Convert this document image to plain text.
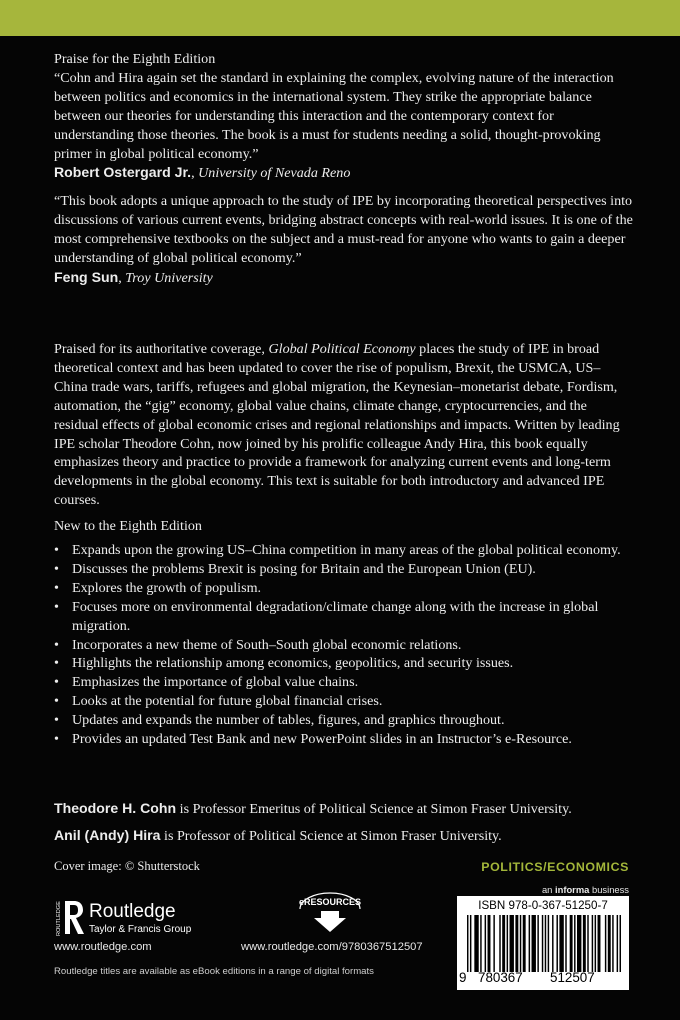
Praise for the Eighth Edition

“Cohn and Hira again set the standard in explaining the complex, evolving nature of the interaction between politics and economics in the international system. They strike the appropriate balance between our theories for understanding this interaction and the contemporary context for understanding those theories. The book is a must for students needing a solid, thought-provoking primer in global political economy.”

Robert Ostergard Jr., University of Nevada Reno

“This book adopts a unique approach to the study of IPE by incorporating theoretical perspectives into discussions of various current events, bridging abstract concepts with real-world issues. It is one of the most comprehensive textbooks on the subject and a must-read for anyone who wants to gain a deeper understanding of global political economy.”

Feng Sun, Troy University

Praised for its authoritative coverage, Global Political Economy places the study of IPE in broad theoretical context and has been updated to cover the rise of populism, Brexit, the USMCA, US–China trade wars, tariffs, refugees and global migration, the Keynesian–monetarist debate, Fordism, automation, the “gig” economy, global value chains, climate change, cryptocurrencies, and the residual effects of global economic crises and regional relationships and impacts. Written by leading IPE scholar Theodore Cohn, now joined by his prolific colleague Andy Hira, this book equally emphasizes theory and practice to provide a framework for analyzing current events and long-term developments in the global economy. This text is suitable for both introductory and advanced IPE courses.

New to the Eighth Edition
• Expands upon the growing US–China competition in many areas of the global political economy.
• Discusses the problems Brexit is posing for Britain and the European Union (EU).
• Explores the growth of populism.
• Focuses more on environmental degradation/climate change along with the increase in global migration.
• Incorporates a new theme of South–South global economic relations.
• Highlights the relationship among economics, geopolitics, and security issues.
• Emphasizes the importance of global value chains.
• Looks at the potential for future global financial crises.
• Updates and expands the number of tables, figures, and graphics throughout.
• Provides an updated Test Bank and new PowerPoint slides in an Instructor’s e-Resource.

Theodore H. Cohn is Professor Emeritus of Political Science at Simon Fraser University.

Anil (Andy) Hira is Professor of Political Science at Simon Fraser University.

Cover image: © Shutterstock	POLITICS/ECONOMICS
an informa business
ROUTLEDGE Routledge
Taylor & Francis Group
eRESOURCES
www.routledge.com	www.routledge.com/9780367512507
Routledge titles are available as eBook editions in a range of digital formats
ISBN 978-0-367-51250-7
9 780367 512507
